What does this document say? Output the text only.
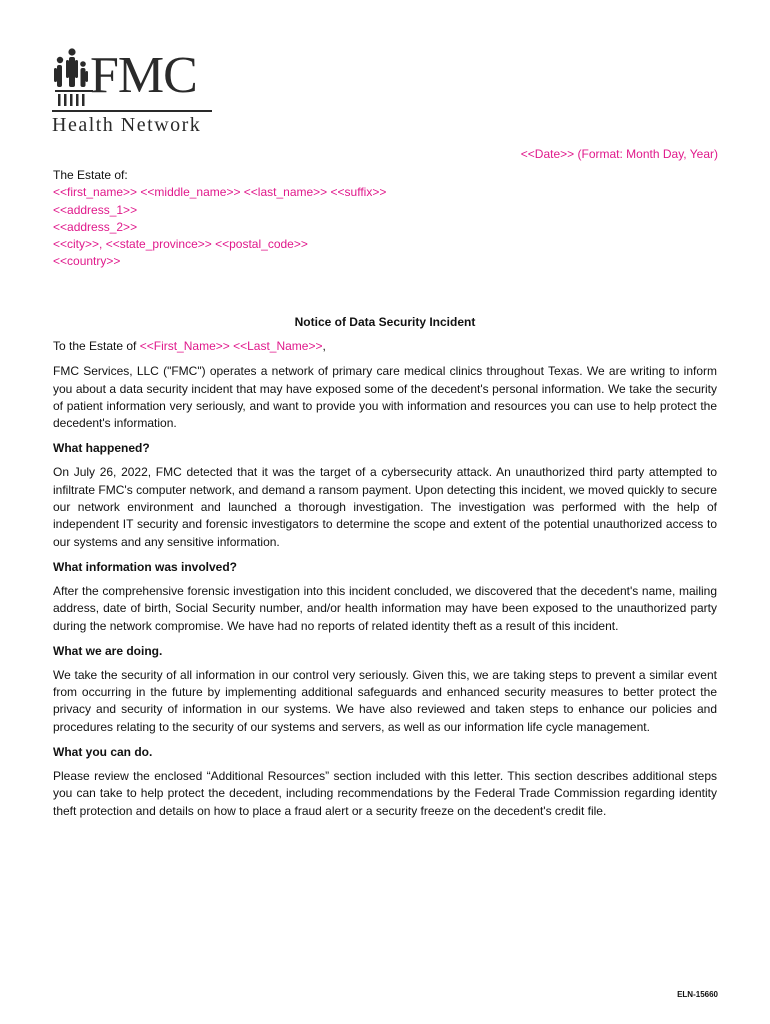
FMC
Health Network
<<Date>> (Format: Month Day, Year)
The Estate of:
<<first_name>> <<middle_name>> <<last_name>> <<suffix>>
<<address_1>>
<<address_2>>
<<city>>, <<state_province>> <<postal_code>>
<<country>>
Notice of Data Security Incident

To the Estate of <<First_Name>> <<Last_Name>>,

FMC Services, LLC ("FMC") operates a network of primary care medical clinics throughout Texas. We are writing to inform you about a data security incident that may have exposed some of the decedent's personal information. We take the security of patient information very seriously, and want to provide you with information and resources you can use to help protect the decedent's information.

What happened?

On July 26, 2022, FMC detected that it was the target of a cybersecurity attack. An unauthorized third party attempted to infiltrate FMC's computer network, and demand a ransom payment. Upon detecting this incident, we moved quickly to secure our network environment and launched a thorough investigation. The investigation was performed with the help of independent IT security and forensic investigators to determine the scope and extent of the potential unauthorized access to our systems and any sensitive information.

What information was involved?

After the comprehensive forensic investigation into this incident concluded, we discovered that the decedent's name, mailing address, date of birth, Social Security number, and/or health information may have been exposed to the unauthorized party during the network compromise. We have had no reports of related identity theft as a result of this incident.

What we are doing.

We take the security of all information in our control very seriously. Given this, we are taking steps to prevent a similar event from occurring in the future by implementing additional safeguards and enhanced security measures to better protect the privacy and security of information in our systems. We have also reviewed and taken steps to enhance our policies and procedures relating to the security of our systems and servers, as well as our information life cycle management.

What you can do.

Please review the enclosed “Additional Resources” section included with this letter. This section describes additional steps you can take to help protect the decedent, including recommendations by the Federal Trade Commission regarding identity theft protection and details on how to place a fraud alert or a security freeze on the decedent's credit file.

ELN-15660
